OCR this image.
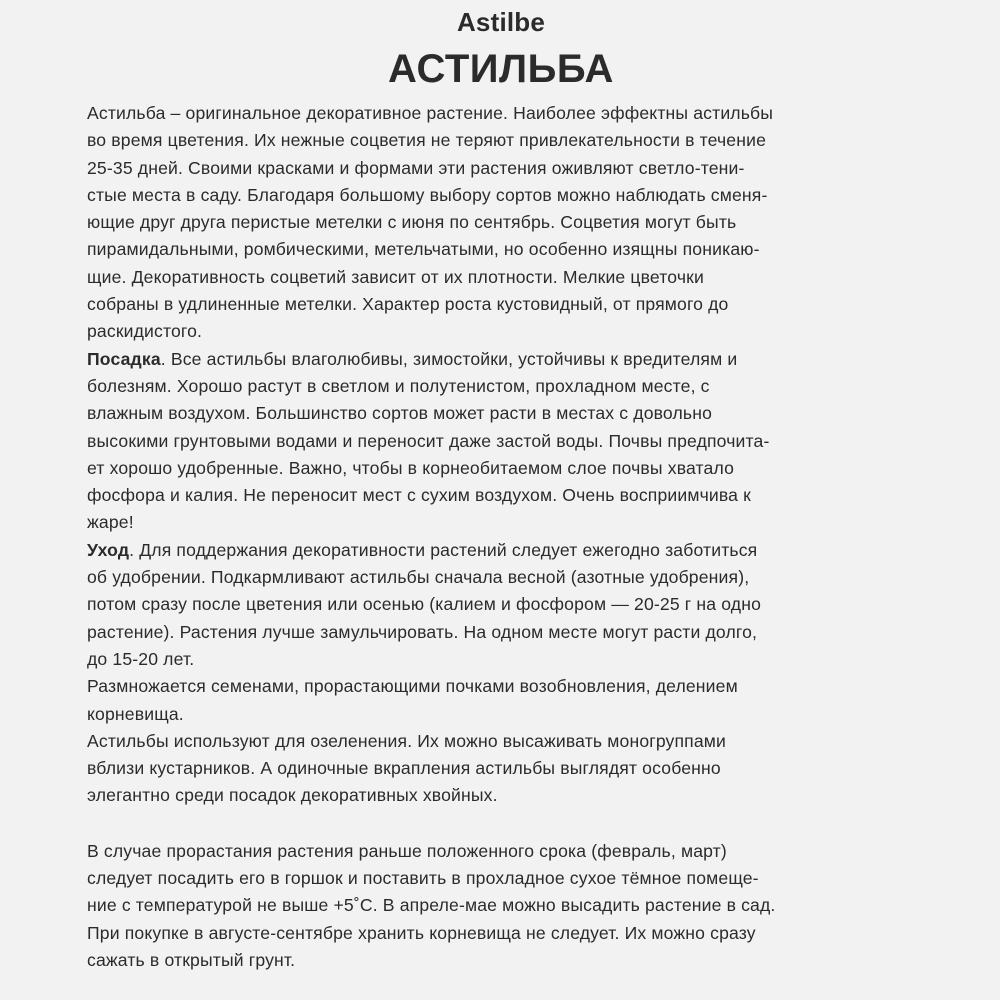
Astilbe
АСТИЛЬБА

Астильба – оригинальное декоративное растение. Наиболее эффектны астильбы
во время цветения. Их нежные соцветия не теряют привлекательности в течение
25-35 дней. Своими красками и формами эти растения оживляют светло-тени-
стые места в саду. Благодаря большому выбору сортов можно наблюдать сменя-
ющие друг друга перистые метелки с июня по сентябрь. Соцветия могут быть
пирамидальными, ромбическими, метельчатыми, но особенно изящны поникаю-
щие. Декоративность соцветий зависит от их плотности. Мелкие цветочки
собраны в удлиненные метелки. Характер роста кустовидный, от прямого до
раскидистого.

Посадка. Все астильбы влаголюбивы, зимостойки, устойчивы к вредителям и
болезням. Хорошо растут в светлом и полутенистом, прохладном месте, с
влажным воздухом. Большинство сортов может расти в местах с довольно
высокими грунтовыми водами и переносит даже застой воды. Почвы предпочита-
ет хорошо удобренные. Важно, чтобы в корнеобитаемом слое почвы хватало
фосфора и калия. Не переносит мест с сухим воздухом. Очень восприимчива к
жаре!

Уход. Для поддержания декоративности растений следует ежегодно заботиться
об удобрении. Подкармливают астильбы сначала весной (азотные удобрения),
потом сразу после цветения или осенью (калием и фосфором — 20-25 г на одно
растение). Растения лучше замульчировать. На одном месте могут расти долго,
до 15-20 лет.

Размножается семенами, прорастающими почками возобновления, делением
корневища.

Астильбы используют для озеленения. Их можно высаживать моногруппами
вблизи кустарников. А одиночные вкрапления астильбы выглядят особенно
элегантно среди посадок декоративных хвойных.

В случае прорастания растения раньше положенного срока (февраль, март)
следует посадить его в горшок и поставить в прохладное сухое тёмное помеще-
ние с температурой не выше +5˚С. В апреле-мае можно высадить растение в сад.
При покупке в августе-сентябре хранить корневища не следует. Их можно сразу
сажать в открытый грунт.
